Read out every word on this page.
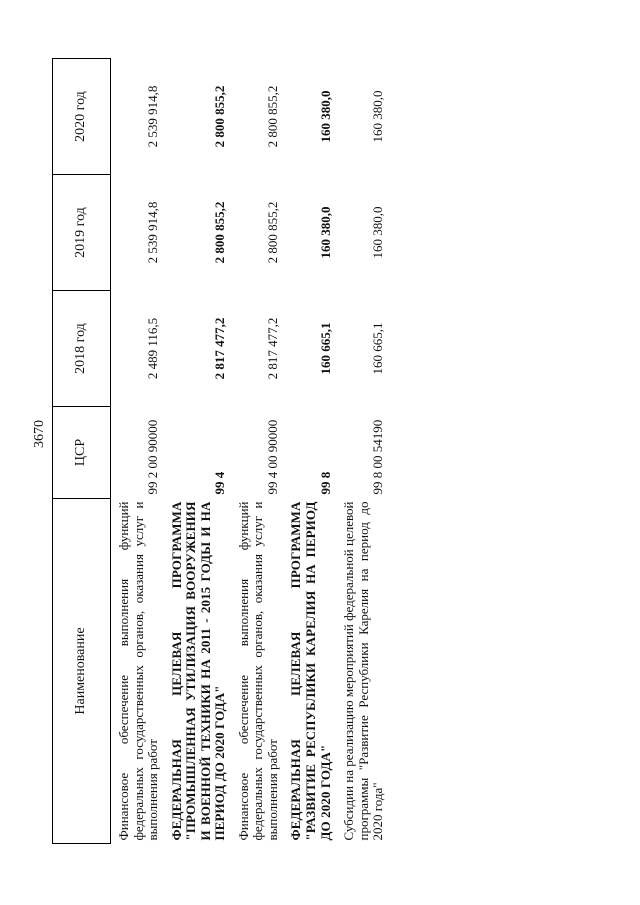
3670
Наименование	ЦСР	2018 год	2019 год	2020 год
Финансовое обеспечение выполнения функций федеральных государственных органов, оказания услуг и выполнения работ	99 2 00 90000	2 489 116,5	2 539 914,8	2 539 914,8
ФЕДЕРАЛЬНАЯ ЦЕЛЕВАЯ ПРОГРАММА "ПРОМЫШЛЕННАЯ УТИЛИЗАЦИЯ ВООРУЖЕНИЯ И ВОЕННОЙ ТЕХНИКИ НА 2011 - 2015 ГОДЫ И НА ПЕРИОД ДО 2020 ГОДА"	99 4	2 817 477,2	2 800 855,2	2 800 855,2
Финансовое обеспечение выполнения функций федеральных государственных органов, оказания услуг и выполнения работ	99 4 00 90000	2 817 477,2	2 800 855,2	2 800 855,2
ФЕДЕРАЛЬНАЯ ЦЕЛЕВАЯ ПРОГРАММА "РАЗВИТИЕ РЕСПУБЛИКИ КАРЕЛИЯ НА ПЕРИОД ДО 2020 ГОДА"	99 8	160 665,1	160 380,0	160 380,0
Субсидии на реализацию мероприятий федеральной целевой программы "Развитие Республики Карелия на период до 2020 года"	99 8 00 54190	160 665,1	160 380,0	160 380,0
